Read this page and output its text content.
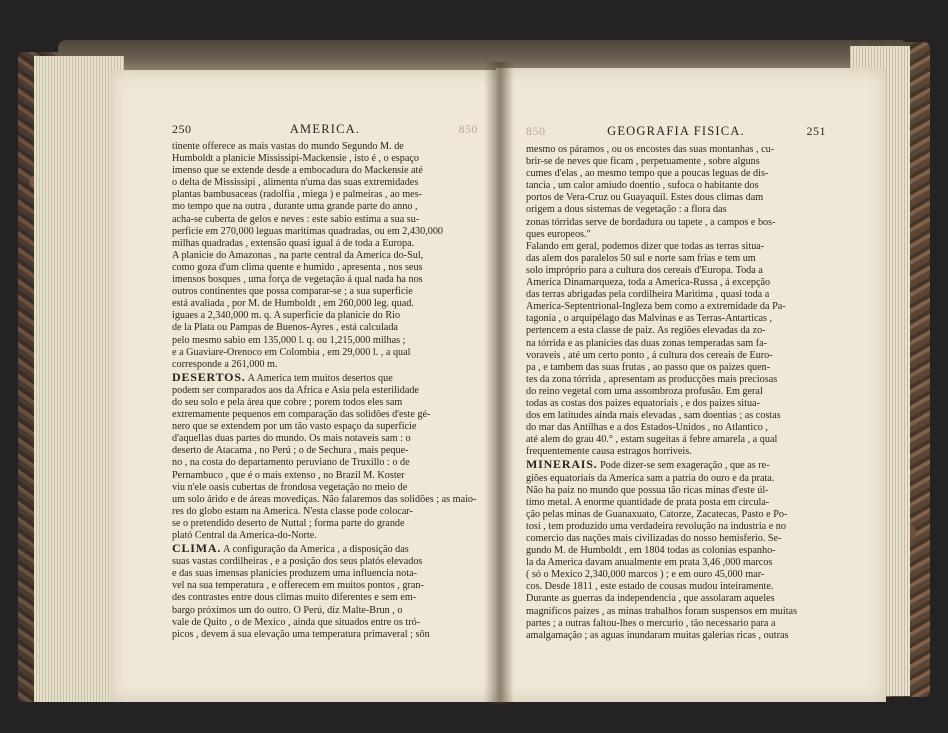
250	AMERICA.	850

tinente offerece as mais vastas do mundo Segundo M. de

Humboldt a planicie Mississipi-Mackensie , isto é , o espaço

imenso que se extende desde a embocadura do Mackensie até

o delta de Mississipi , alimenta n'uma das suas extremidades

plantas bambusaceas (radolfia , miega ) e palmeiras , ao mes-

mo tempo que na outra , durante uma grande parte do anno ,

acha-se cuberta de gelos e neves : este sabio estima a sua su-

perficie em 270,000 leguas maritimas quadradas, ou em 2,430,000

milhas quadradas , extensão quasi igual á de toda a Europa.

A planicie do Amazonas , na parte central da America do-Sul,

como goza d'um clima quente e humido , apresenta , nos seus

imensos bosques , uma força de vegetação á qual nada ha nos

outros continentes que possa comparar-se ; a sua superficie

está avaliada , por M. de Humboldt , em 260,000 leg. quad.

iguaes a 2,340,000 m. q. A superficie da planicie do Rio

de la Plata ou Pampas de Buenos-Ayres , está calculada

pelo mesmo sabio em 135,000 l. q. ou 1,215,000 milhas ;

e a Guaviare-Orenoco em Colombia , em 29,000 l. , a qual

corresponde a 261,000 m.

DESERTOS. A America tem muitos desertos que

podem ser comparados aos da Africa e Asia pela esterilidade

do seu solo e pela área que cobre ; porem todos eles sam

extremamente pequenos em comparação das solidões d'este gé-

nero que se extendem por um tão vasto espaço da superficie

d'aquellas duas partes do mundo. Os mais notaveis sam : o

deserto de Atacama , no Perú ; o de Sechura , mais peque-

no , na costa do departamento peruviano de Truxillo : o de

Pernambuco , que é o mais extenso , no Brazil M. Koster

viu n'ele oasis cubertas de frondosa vegetação no meio de

um solo árido e de áreas movediças. Não falaremos das solidões ; as maio-

res do globo estam na America. N'esta classe pode colocar-

se o pretendido deserto de Nuttal ; forma parte do grande

plató Central da America-do-Norte.

CLIMA. A configuração da America , a disposição das

suas vastas cordilheiras , e a posição dos seus platós elevados

e das suas imensas planicies produzem uma influencia nota-

vel na sua temperatura , e offerecem em muitos pontos , gran-

des contrastes entre dous climas muito diferentes e sem em-

bargo próximos um do outro. O Perú, diz Malte-Brun , o

vale de Quito , o de Mexico , ainda que situados entre os tró-

picos , devem á sua elevação uma temperatura primaveral ; sôn

850	GEOGRAFIA FISICA.	251

mesmo os páramos , ou os encostes das suas montanhas , cu-

brir-se de neves que ficam , perpetuamente , sobre alguns

cumes d'elas , ao mesmo tempo que a poucas leguas de dis-

tancia , um calor amiudo doentio , sufoca o habitante dos

portos de Vera-Cruz ou Guayaquil. Estes dous climas dam

origem a dous sistemas de vegetação : a flora das

zonas tórridas serve de bordadura ou tapete , a campos e bos-

ques europeos."

Falando em geral, podemos dizer que todas as terras situa-

das alem dos paralelos 50 sul e norte sam frias e tem um

solo impróprio para a cultura dos cereais d'Europa. Toda a

America Dinamarqueza, toda a America-Russa , á excepção

das terras abrigadas pela cordilheira Maritima , quasi toda a

America-Septentrional-Ingleza bem como a extremidade da Pa-

tagonia , o arquipélago das Malvinas e as Terras-Antarticas ,

pertencem a esta classe de paiz. As regiões elevadas da zo-

na tórrida e as planicies das duas zonas temperadas sam fa-

voraveis , até um certo ponto , á cultura dos cereais de Euro-

pa , e tambem das suas frutas , ao passo que os paizes quen-

tes da zona tórrida , apresentam as producções mais preciosas

do reino vegetal com uma assombroza profusão. Em geral

todas as costas dos paizes equatoriais , e dos paizes situa-

dos em latitudes ainda mais elevadas , sam doentias ; as costas

do mar das Antilhas e a dos Estados-Unidos , no Atlantico ,

até alem do grau 40.° , estam sugeitas á febre amarela , a qual

frequentemente causa estragos horriveis.

MINERAIS. Pode dizer-se sem exageração , que as re-

giões equatoriais da America sam a patria do ouro e da prata.

Não ha paiz no mundo que possua tão ricas minas d'este úl-

timo metal. A enorme quantidade de prata posta em circula-

ção pelas minas de Guanaxuato, Catorze, Zacatecas, Pasto e Po-

tosi , tem produzido uma verdadeira revolução na industria e no

comercio das nações mais civilizadas do nosso hemisferio. Se-

gundo M. de Humboldt , em 1804 todas as colonias espanho-

la da America davam anualmente em prata 3,46 ,000 marcos

( só o Mexico 2,340,000 marcos ) ; e em ouro 45,000 mar-

cos. Desde 1811 , este estado de cousas mudou inteiramente.

Durante as guerras da independencia , que assolaram aqueles

magnificos paizes , as minas trabalhos foram suspensos em muitas

partes ; a outras faltou-lhes o mercurio , tão necessario para a

amalgamação ; as aguas inundaram muitas galerias ricas , outras
